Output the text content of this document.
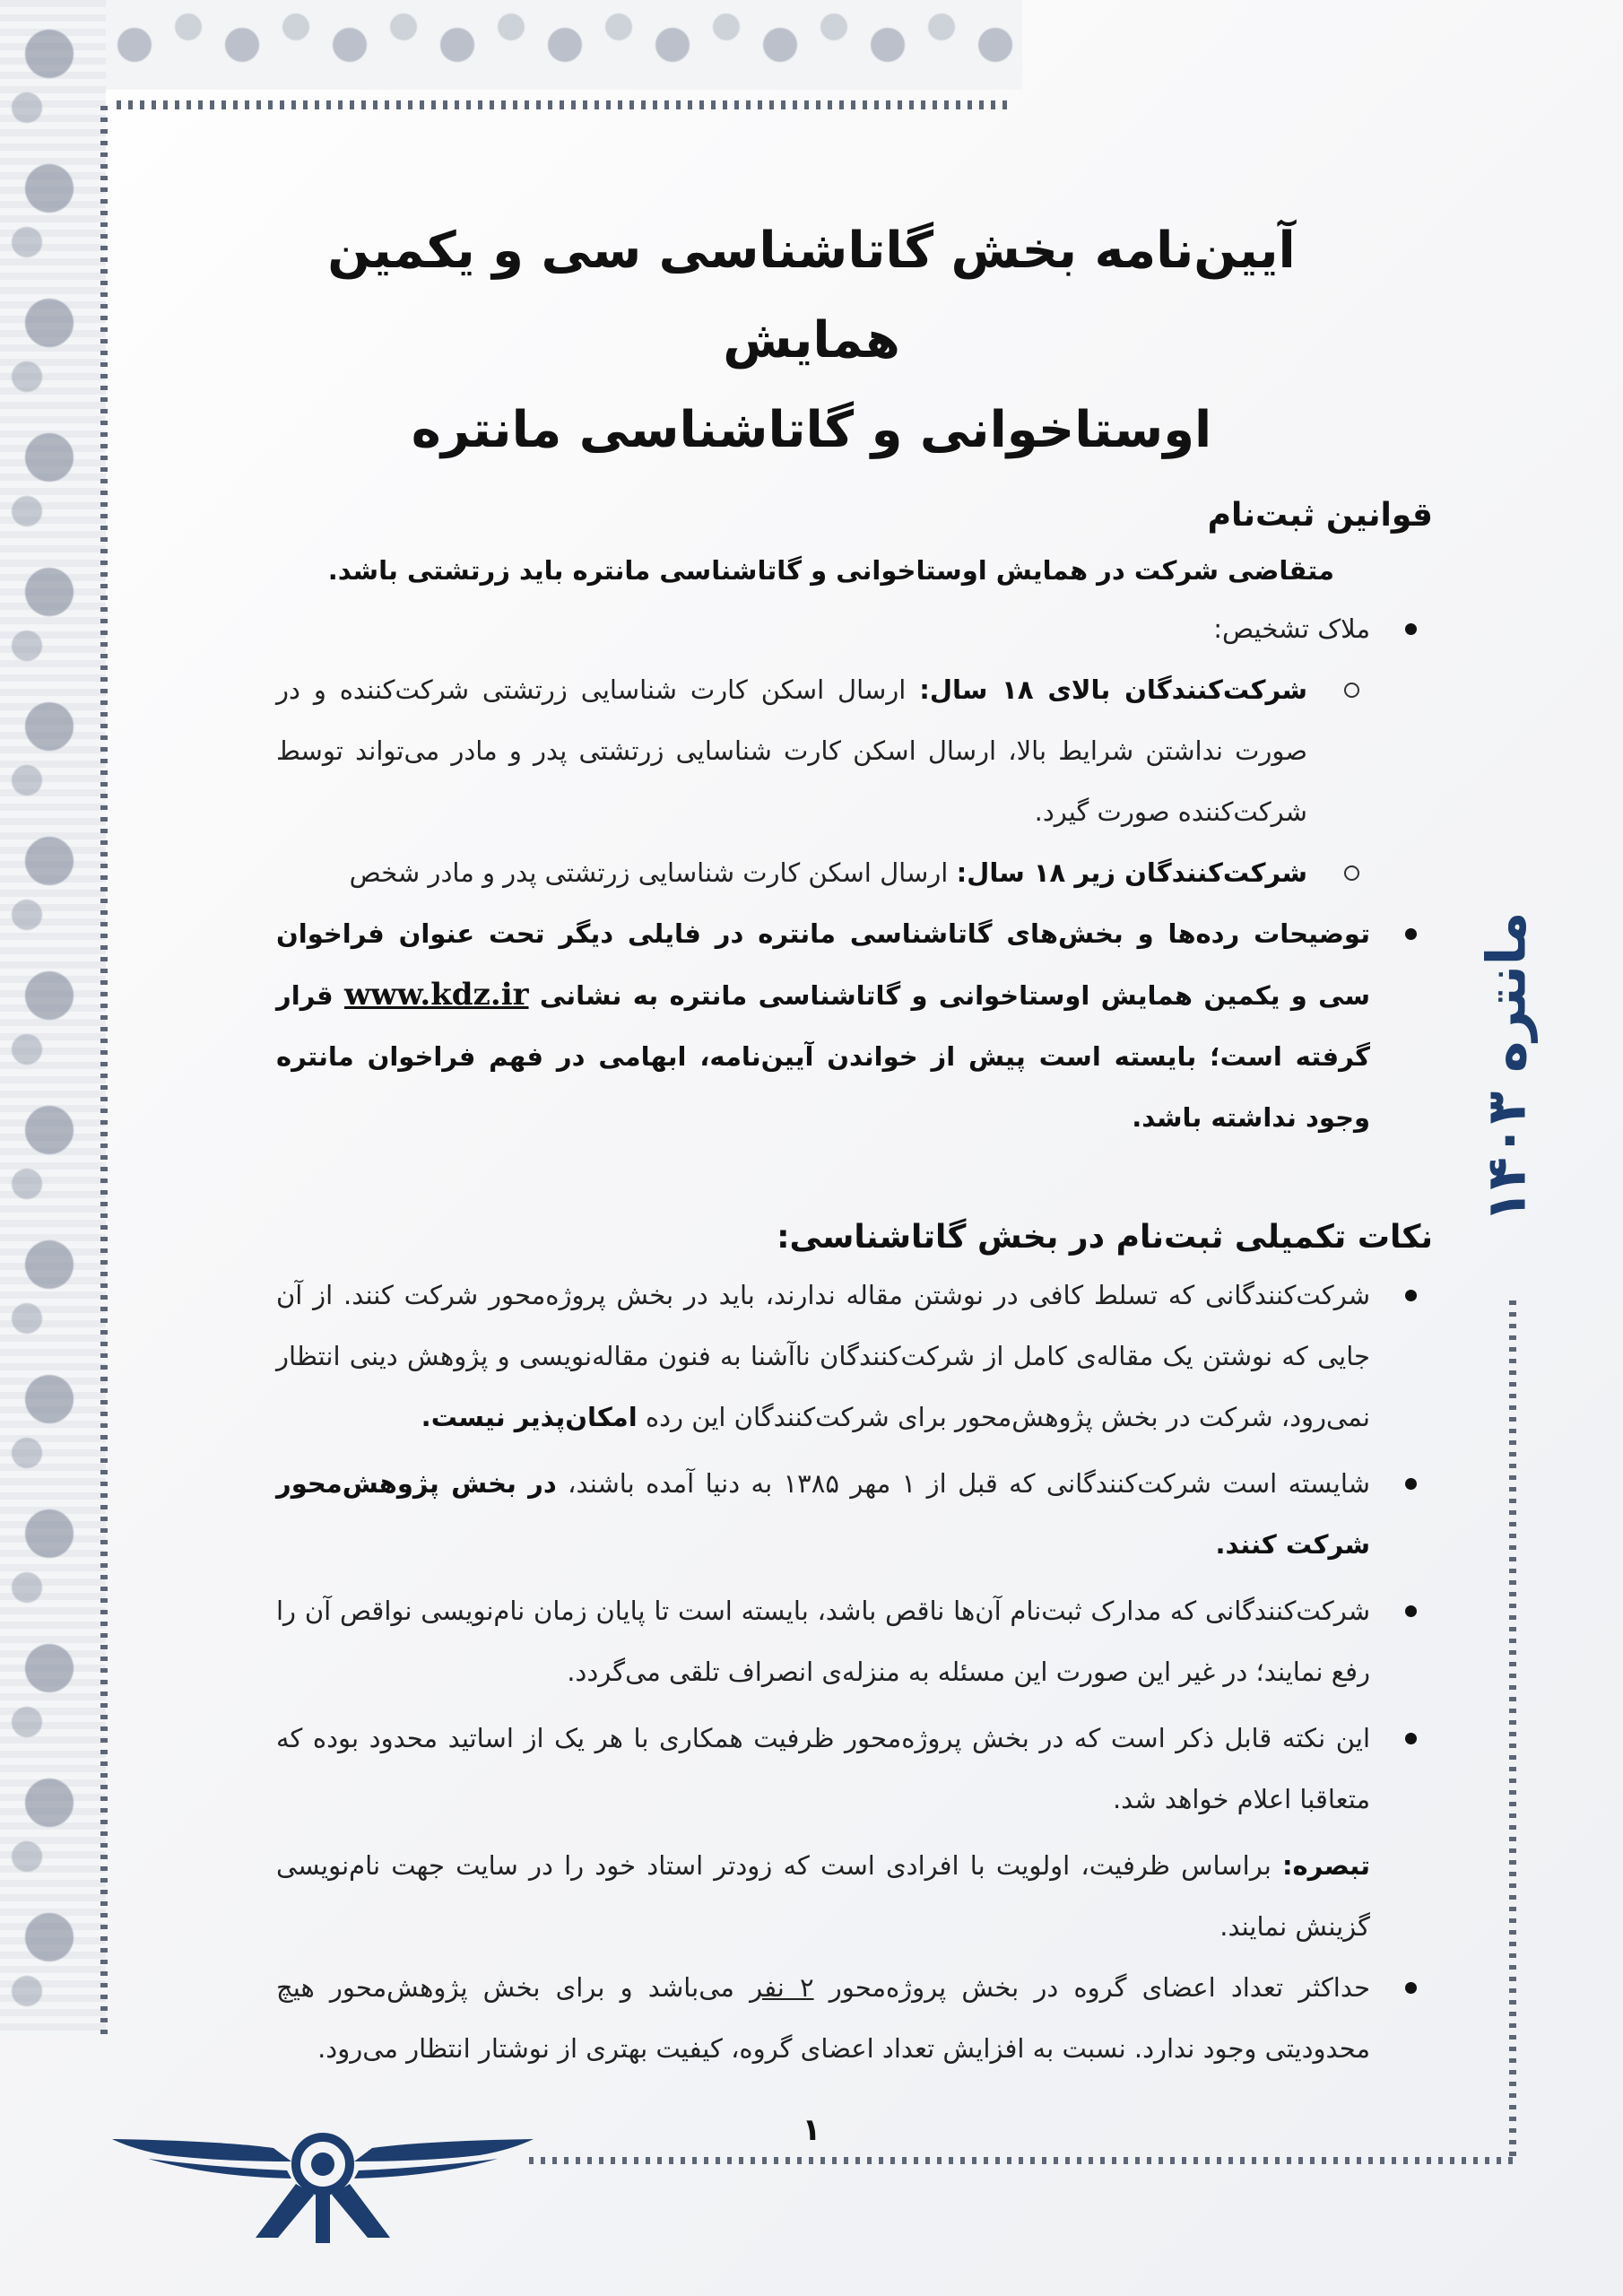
مانتره ۱۴۰۳
۱
آیین‌نامه بخش گاتاشناسی سی و یکمین همایش
اوستاخوانی و گاتاشناسی مانتره

قوانین ثبت‌نام

متقاضی شرکت در همایش اوستاخوانی و گاتاشناسی مانتره باید زرتشتی باشد.

ملاک تشخیص:
شرکت‌کنندگان بالای ۱۸ سال: ارسال اسکن کارت شناسایی زرتشتی شرکت‌کننده و در صورت نداشتن شرایط بالا، ارسال اسکن کارت شناسایی زرتشتی پدر و مادر می‌تواند توسط شرکت‌کننده صورت گیرد.
شرکت‌کنندگان زیر ۱۸ سال: ارسال اسکن کارت شناسایی زرتشتی پدر و مادر شخص
توضیحات رده‌ها و بخش‌های گاتاشناسی مانتره در فایلی دیگر تحت عنوان فراخوان سی و یکمین همایش اوستاخوانی و گاتاشناسی مانتره به نشانی www.kdz.ir قرار گرفته است؛ بایسته است پیش از خواندن آیین‌نامه، ابهامی در فهم فراخوان مانتره وجود نداشته باشد.

نکات تکمیلی ثبت‌نام در بخش گاتاشناسی:

شرکت‌کنندگانی که تسلط کافی در نوشتن مقاله ندارند، باید در بخش پروژه‌محور شرکت کنند. از آن جایی که نوشتن یک مقاله‌ی کامل از شرکت‌کنندگان ناآشنا به فنون مقاله‌نویسی و پژوهش دینی انتظار نمی‌رود، شرکت در بخش پژوهش‌محور برای شرکت‌کنندگان این رده امکان‌پذیر نیست.
شایسته است شرکت‌کنندگانی که قبل از ۱ مهر ۱۳۸۵ به دنیا آمده باشند، در بخش پژوهش‌محور شرکت کنند.
شرکت‌کنندگانی که مدارک ثبت‌نام آن‌ها ناقص باشد، بایسته است تا پایان زمان نام‌نویسی نواقص آن را رفع نمایند؛ در غیر این صورت این مسئله به منزله‌ی انصراف تلقی می‌گردد.
این نکته قابل ذکر است که در بخش پروژه‌محور ظرفیت همکاری با هر یک از اساتید محدود بوده که متعاقبا اعلام خواهد شد.
تبصره: براساس ظرفیت، اولویت با افرادی است که زودتر استاد خود را در سایت جهت نام‌نویسی گزینش نمایند.
حداکثر تعداد اعضای گروه در بخش پروژه‌محور ۲ نفر می‌باشد و برای بخش پژوهش‌محور هیچ محدودیتی وجود ندارد. نسبت به افزایش تعداد اعضای گروه، کیفیت بهتری از نوشتار انتظار می‌رود.
